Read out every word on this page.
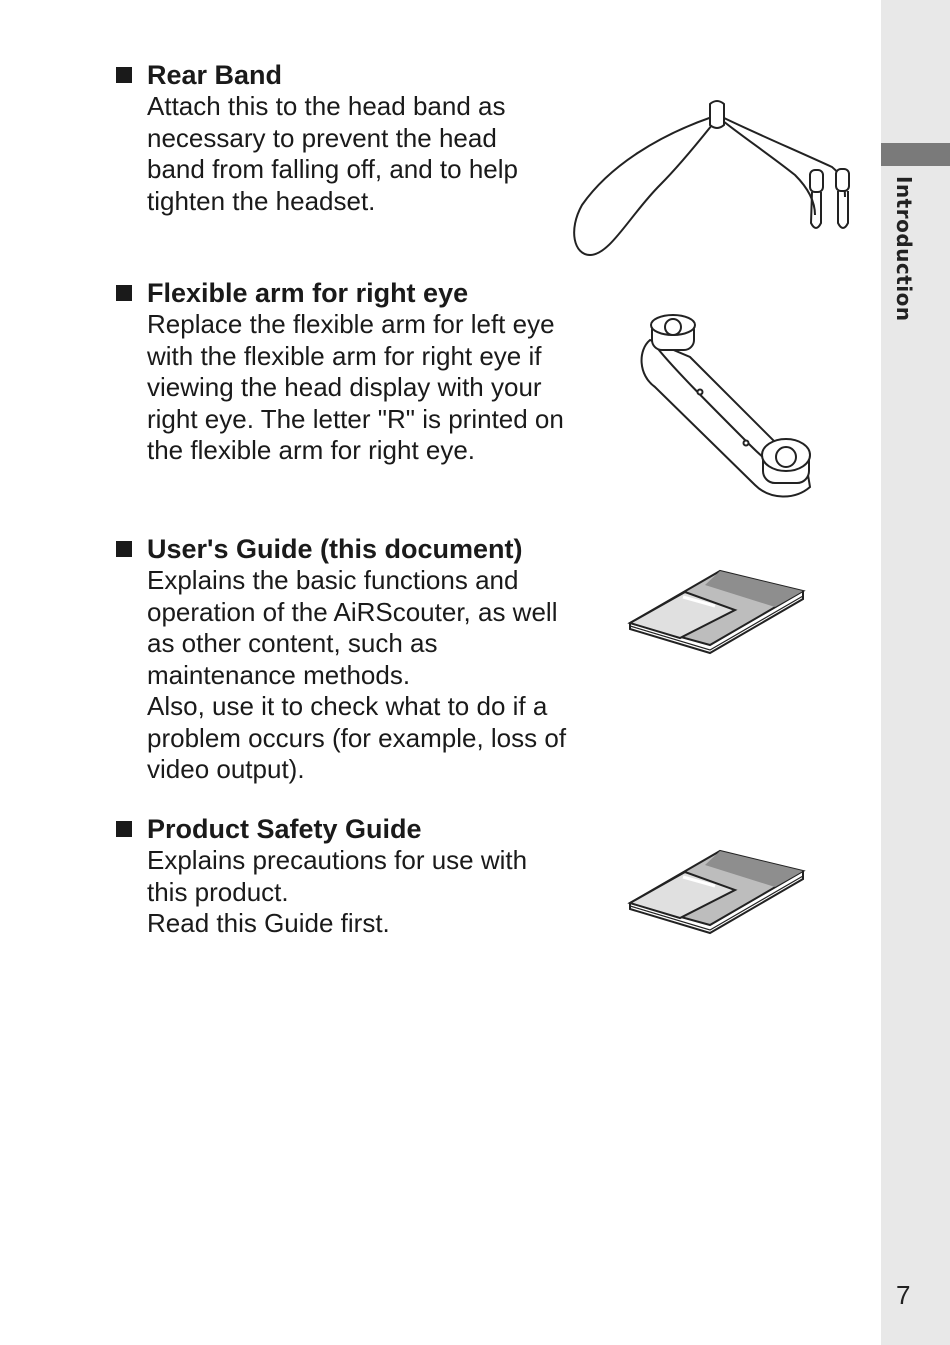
Introduction
Rear Band

Attach this to the head band as necessary to prevent the head band from falling off, and to help tighten the headset.

Flexible arm for right eye

Replace the flexible arm for left eye with the flexible arm for right eye if viewing the head display with your right eye. The letter "R" is printed on the flexible arm for right eye.

User's Guide (this document)

Explains the basic functions and operation of the AiRScouter, as well as other content, such as maintenance methods.

Also, use it to check what to do if a problem occurs (for example, loss of video output).

Product Safety Guide

Explains precautions for use with this product.

Read this Guide first.

7
